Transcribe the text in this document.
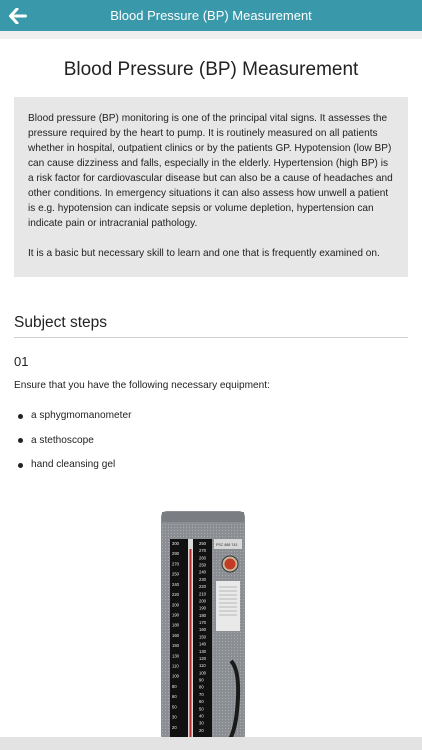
Blood Pressure (BP) Measurement
Blood Pressure (BP) Measurement

Blood pressure (BP) monitoring is one of the principal vital signs. It assesses the pressure required by the heart to pump. It is routinely measured on all patients whether in hospital, outpatient clinics or by the patients GP. Hypotension (low BP) can cause dizziness and falls, especially in the elderly. Hypertension (high BP) is a risk factor for cardiovascular disease but can also be a cause of headaches and other conditions. In emergency situations it can also assess how unwell a patient is e.g. hypotension can indicate sepsis or volume depletion, hypertension can indicate pain or intracranial pathology.

It is a basic but necessary skill to learn and one that is frequently examined on.

Subject steps
01
Ensure that you have the following necessary equipment:
a sphygmomanometer
a stethoscope
hand cleansing gel
300
290
270
250
240
220
200
190
180
160
150
130
110
100
80
60
50
30
20
250
270
260
250
240
230
220
210
200
190
180
170
160
150
140
130
120
110
100
90
80
70
60
50
40
30
20
PSC 888 743
